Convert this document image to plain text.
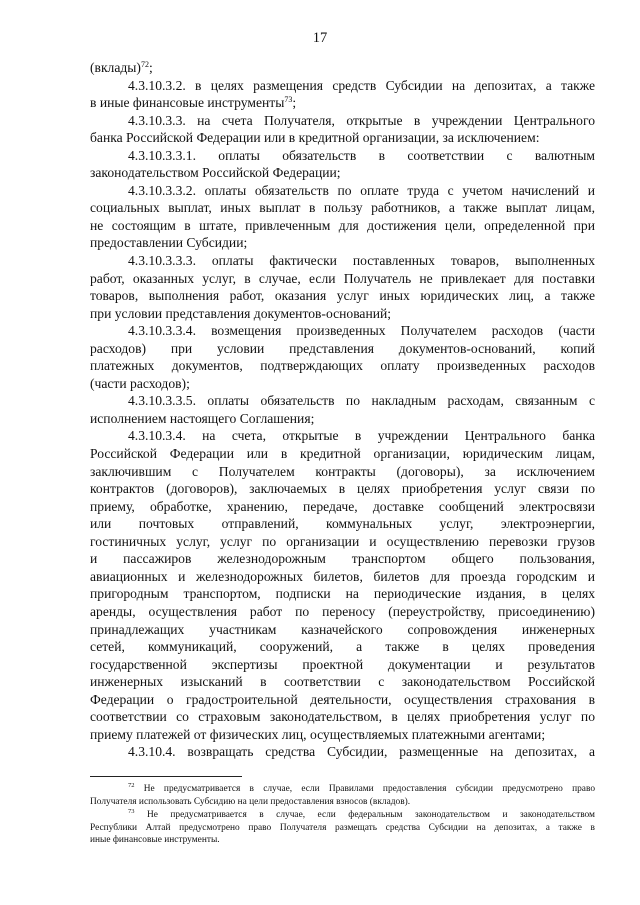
17

(вклады)$^{72}$;

4.3.10.3.2. в целях размещения средств Субсидии на депозитах, а также
в иные финансовые инструменты$^{73}$;

4.3.10.3.3. на счета Получателя, открытые в учреждении Центрального
банка Российской Федерации или в кредитной организации, за исключением:

4.3.10.3.3.1. оплаты обязательств в соответствии с валютным
законодательством Российской Федерации;

4.3.10.3.3.2. оплаты обязательств по оплате труда с учетом начислений и
социальных выплат, иных выплат в пользу работников, а также выплат лицам,
не состоящим в штате, привлеченным для достижения цели, определенной при
предоставлении Субсидии;

4.3.10.3.3.3. оплаты фактически поставленных товаров, выполненных
работ, оказанных услуг, в случае, если Получатель не привлекает для поставки
товаров, выполнения работ, оказания услуг иных юридических лиц, а также
при условии представления документов-оснований;

4.3.10.3.3.4. возмещения произведенных Получателем расходов (части
расходов) при условии представления документов-оснований, копий
платежных документов, подтверждающих оплату произведенных расходов
(части расходов);

4.3.10.3.3.5. оплаты обязательств по накладным расходам, связанным с
исполнением настоящего Соглашения;

4.3.10.3.4. на счета, открытые в учреждении Центрального банка
Российской Федерации или в кредитной организации, юридическим лицам,
заключившим с Получателем контракты (договоры), за исключением
контрактов (договоров), заключаемых в целях приобретения услуг связи по
приему, обработке, хранению, передаче, доставке сообщений электросвязи
или почтовых отправлений, коммунальных услуг, электроэнергии,
гостиничных услуг, услуг по организации и осуществлению перевозки грузов
и пассажиров железнодорожным транспортом общего пользования,
авиационных и железнодорожных билетов, билетов для проезда городским и
пригородным транспортом, подписки на периодические издания, в целях
аренды, осуществления работ по переносу (переустройству, присоединению)
принадлежащих участникам казначейского сопровождения инженерных
сетей, коммуникаций, сооружений, а также в целях проведения
государственной экспертизы проектной документации и результатов
инженерных изысканий в соответствии с законодательством Российской
Федерации о градостроительной деятельности, осуществления страхования в
соответствии со страховым законодательством, в целях приобретения услуг по
приему платежей от физических лиц, осуществляемых платежными агентами;

4.3.10.4. возвращать средства Субсидии, размещенные на депозитах, а

$^{72}$ Не предусматривается в случае, если Правилами предоставления субсидии предусмотрено право
Получателя использовать Субсидию на цели предоставления взносов (вкладов).

$^{73}$ Не предусматривается в случае, если федеральным законодательством и законодательством
Республики Алтай предусмотрено право Получателя размещать средства Субсидии на депозитах, а также в
иные финансовые инструменты.
